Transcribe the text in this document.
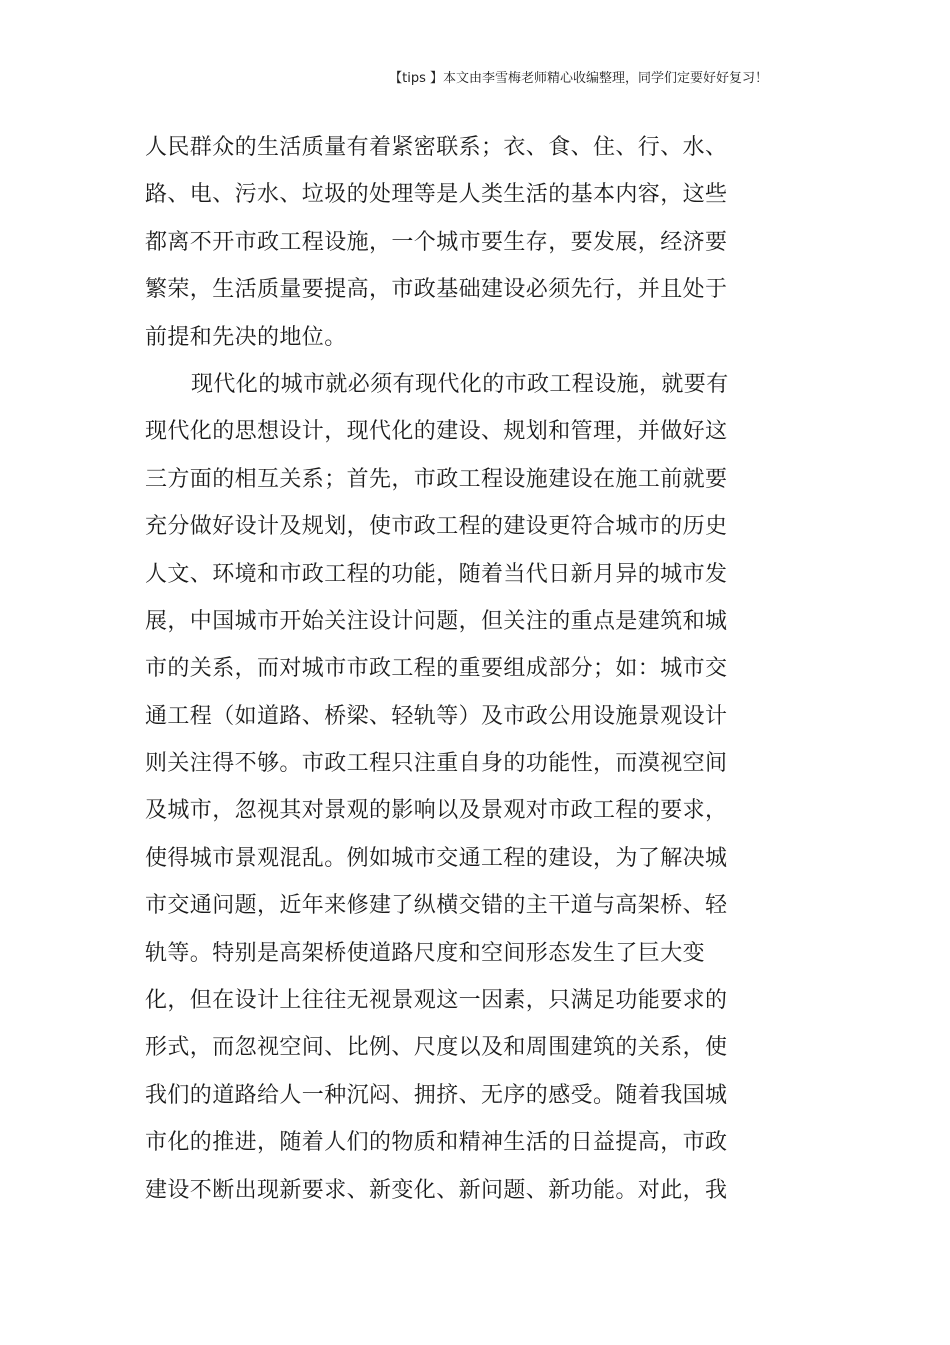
【tips 】本文由李雪梅老师精心收编整理，同学们定要好好复习！
人民群众的生活质量有着紧密联系；衣、食、住、行、水、
路、电、污水、垃圾的处理等是人类生活的基本内容，这些
都离不开市政工程设施，一个城市要生存，要发展，经济要
繁荣，生活质量要提高，市政基础建设必须先行，并且处于
前提和先决的地位。
现代化的城市就必须有现代化的市政工程设施，就要有
现代化的思想设计，现代化的建设、规划和管理，并做好这
三方面的相互关系；首先，市政工程设施建设在施工前就要
充分做好设计及规划，使市政工程的建设更符合城市的历史
人文、环境和市政工程的功能，随着当代日新月异的城市发
展，中国城市开始关注设计问题，但关注的重点是建筑和城
市的关系，而对城市市政工程的重要组成部分；如：城市交
通工程（如道路、桥梁、轻轨等）及市政公用设施景观设计
则关注得不够。市政工程只注重自身的功能性，而漠视空间
及城市，忽视其对景观的影响以及景观对市政工程的要求，
使得城市景观混乱。例如城市交通工程的建设，为了解决城
市交通问题，近年来修建了纵横交错的主干道与高架桥、轻
轨等。特别是高架桥使道路尺度和空间形态发生了巨大变
化，但在设计上往往无视景观这一因素，只满足功能要求的
形式，而忽视空间、比例、尺度以及和周围建筑的关系，使
我们的道路给人一种沉闷、拥挤、无序的感受。随着我国城
市化的推进，随着人们的物质和精神生活的日益提高，市政
建设不断出现新要求、新变化、新问题、新功能。对此，我
